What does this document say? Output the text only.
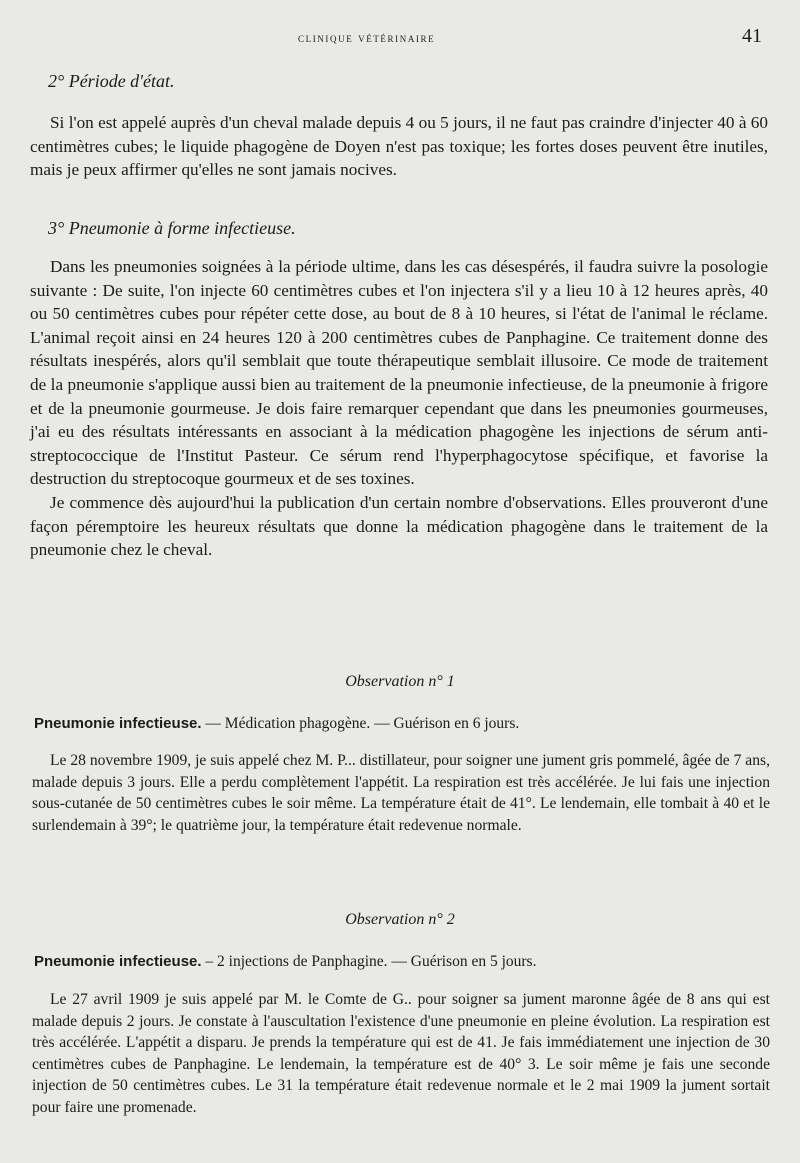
clinique vétérinaire	41
2° Période d'état.

Si l'on est appelé auprès d'un cheval malade depuis 4 ou 5 jours, il ne faut pas craindre d'injecter 40 à 60 centimètres cubes; le liquide phagogène de Doyen n'est pas toxique; les fortes doses peuvent être inutiles, mais je peux affirmer qu'elles ne sont jamais nocives.

3° Pneumonie à forme infectieuse.

Dans les pneumonies soignées à la période ultime, dans les cas désespérés, il faudra suivre la posologie suivante : De suite, l'on injecte 60 centimètres cubes et l'on injectera s'il y a lieu 10 à 12 heures après, 40 ou 50 centimètres cubes pour répéter cette dose, au bout de 8 à 10 heures, si l'état de l'animal le réclame. L'animal reçoit ainsi en 24 heures 120 à 200 centimètres cubes de Panphagine. Ce traitement donne des résultats inespérés, alors qu'il semblait que toute thérapeutique semblait illusoire. Ce mode de traitement de la pneumonie s'applique aussi bien au traitement de la pneumonie infectieuse, de la pneumonie à frigore et de la pneumonie gourmeuse. Je dois faire remarquer cependant que dans les pneumonies gourmeuses, j'ai eu des résultats intéressants en associant à la médication phagogène les injections de sérum anti-streptococcique de l'Institut Pasteur. Ce sérum rend l'hyperphagocytose spécifique, et favorise la destruction du streptocoque gourmeux et de ses toxines.

Je commence dès aujourd'hui la publication d'un certain nombre d'observations. Elles prouveront d'une façon péremptoire les heureux résultats que donne la médication phagogène dans le traitement de la pneumonie chez le cheval.

Observation n° 1
Pneumonie infectieuse. — Médication phagogène. — Guérison en 6 jours.

Le 28 novembre 1909, je suis appelé chez M. P... distillateur, pour soigner une jument gris pommelé, âgée de 7 ans, malade depuis 3 jours. Elle a perdu complètement l'appétit. La respiration est très accélérée. Je lui fais une injection sous-cutanée de 50 centimètres cubes le soir même. La température était de 41°. Le lendemain, elle tombait à 40 et le surlendemain à 39°; le quatrième jour, la température était redevenue normale.

Observation n° 2
Pneumonie infectieuse. – 2 injections de Panphagine. — Guérison en 5 jours.

Le 27 avril 1909 je suis appelé par M. le Comte de G.. pour soigner sa jument maronne âgée de 8 ans qui est malade depuis 2 jours. Je constate à l'auscultation l'existence d'une pneumonie en pleine évolution. La respiration est très accélérée. L'appétit a disparu. Je prends la température qui est de 41. Je fais immédiatement une injection de 30 centimètres cubes de Panphagine. Le lendemain, la température est de 40° 3. Le soir même je fais une seconde injection de 50 centimètres cubes. Le 31 la température était redevenue normale et le 2 mai 1909 la jument sortait pour faire une promenade.
